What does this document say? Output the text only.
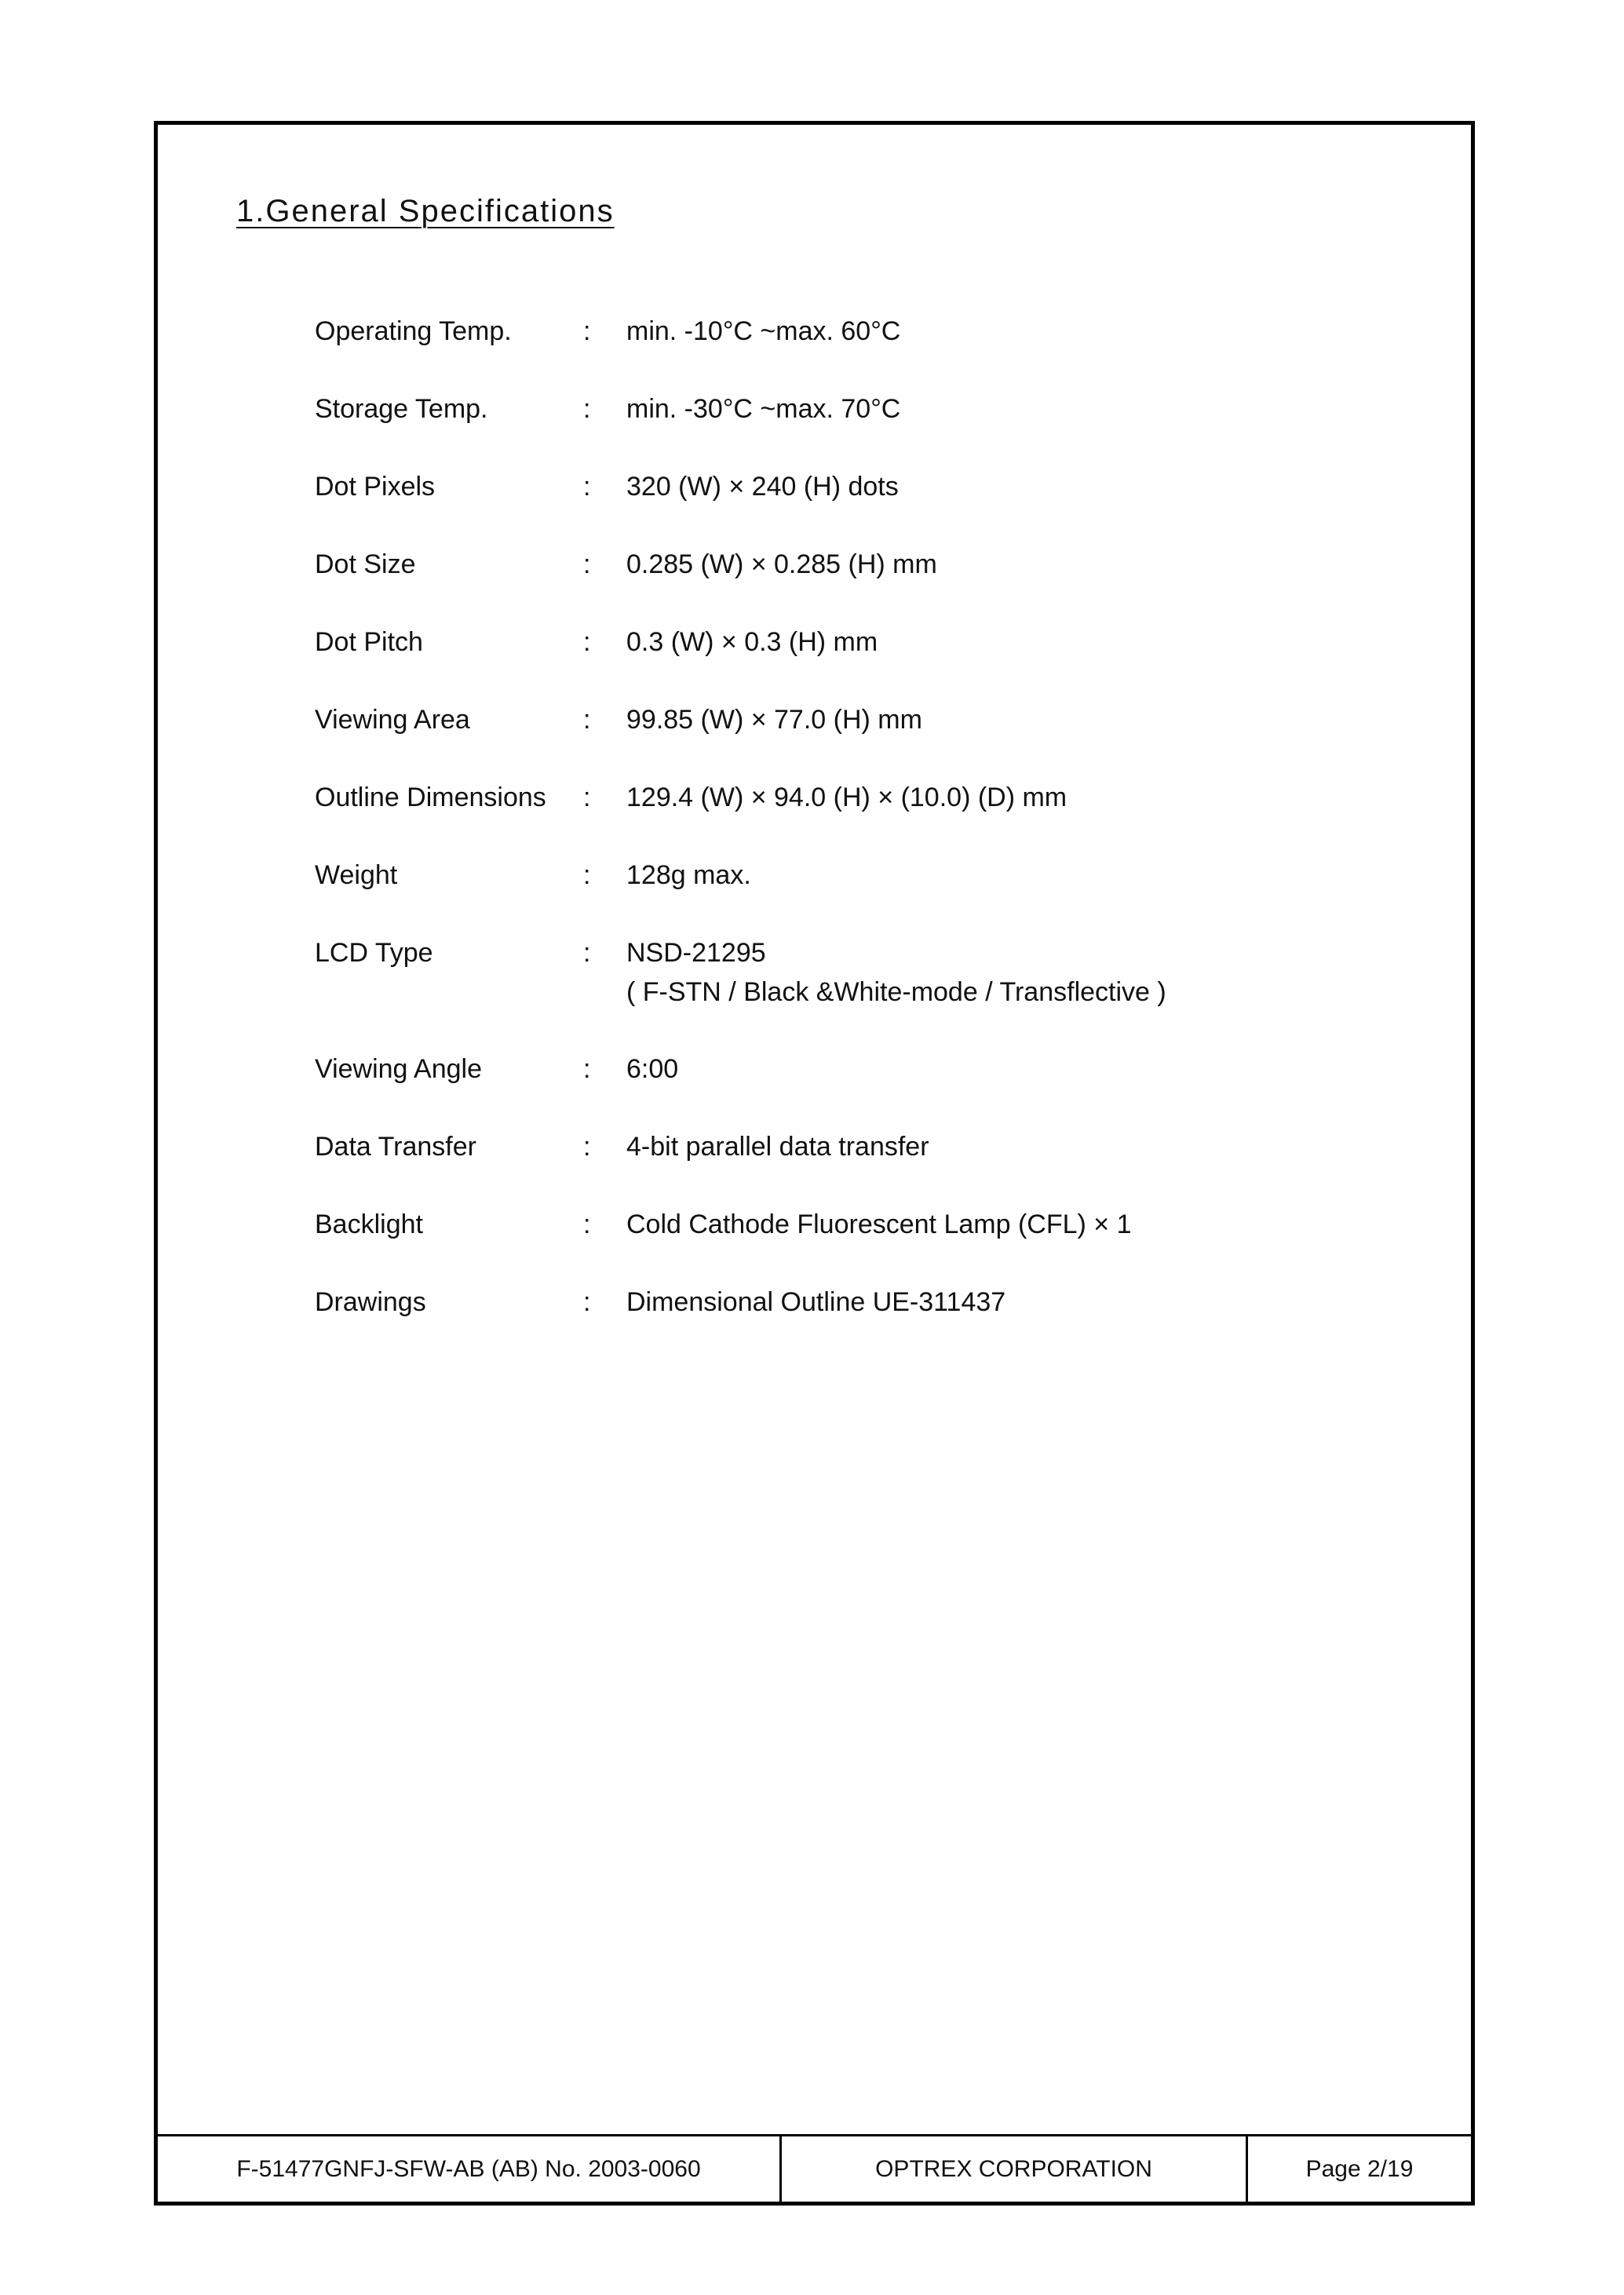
1.General Specifications
Operating Temp.	: min. -10°C ~max. 60°C
Storage Temp.	: min. -30°C ~max. 70°C
Dot Pixels	: 320 (W) × 240 (H) dots
Dot Size	: 0.285 (W) × 0.285 (H) mm
Dot Pitch	: 0.3 (W) × 0.3 (H) mm
Viewing Area	: 99.85 (W) × 77.0 (H) mm
Outline Dimensions : 129.4 (W) × 94.0 (H) × (10.0) (D) mm
Weight	: 128g max.
LCD Type	: NSD-21295
( F-STN / Black &White-mode / Transflective )
Viewing Angle	: 6:00
Data Transfer	: 4-bit parallel data transfer
Backlight	: Cold Cathode Fluorescent Lamp (CFL) × 1
Drawings	: Dimensional Outline UE-311437
F-51477GNFJ-SFW-AB (AB) No. 2003-0060	OPTREX CORPORATION	Page 2/19
